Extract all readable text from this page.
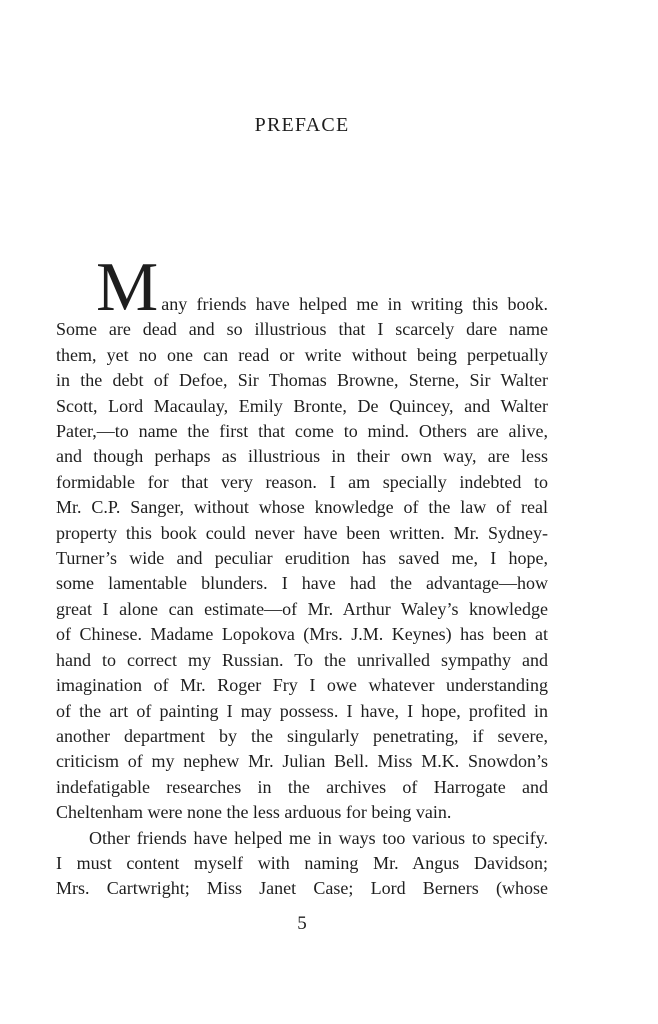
PREFACE
Many friends have helped me in writing this book.
Some are dead and so illustrious that I scarcely dare name
them, yet no one can read or write without being perpetually
in the debt of Defoe, Sir Thomas Browne, Sterne, Sir Walter
Scott, Lord Macaulay, Emily Bronte, De Quincey, and Walter
Pater,—to name the first that come to mind. Others are alive,
and though perhaps as illustrious in their own way, are less
formidable for that very reason. I am specially indebted to
Mr. C.P. Sanger, without whose knowledge of the law of real
property this book could never have been written. Mr. Sydney-
Turner’s wide and peculiar erudition has saved me, I hope,
some lamentable blunders. I have had the advantage—how
great I alone can estimate—of Mr. Arthur Waley’s knowledge
of Chinese. Madame Lopokova (Mrs. J.M. Keynes) has been at
hand to correct my Russian. To the unrivalled sympathy and
imagination of Mr. Roger Fry I owe whatever understanding
of the art of painting I may possess. I have, I hope, profited in
another department by the singularly penetrating, if severe,
criticism of my nephew Mr. Julian Bell. Miss M.K. Snowdon’s
indefatigable researches in the archives of Harrogate and
Cheltenham were none the less arduous for being vain.
Other friends have helped me in ways too various to specify.
I must content myself with naming Mr. Angus Davidson;
Mrs. Cartwright; Miss Janet Case; Lord Berners (whose
5
